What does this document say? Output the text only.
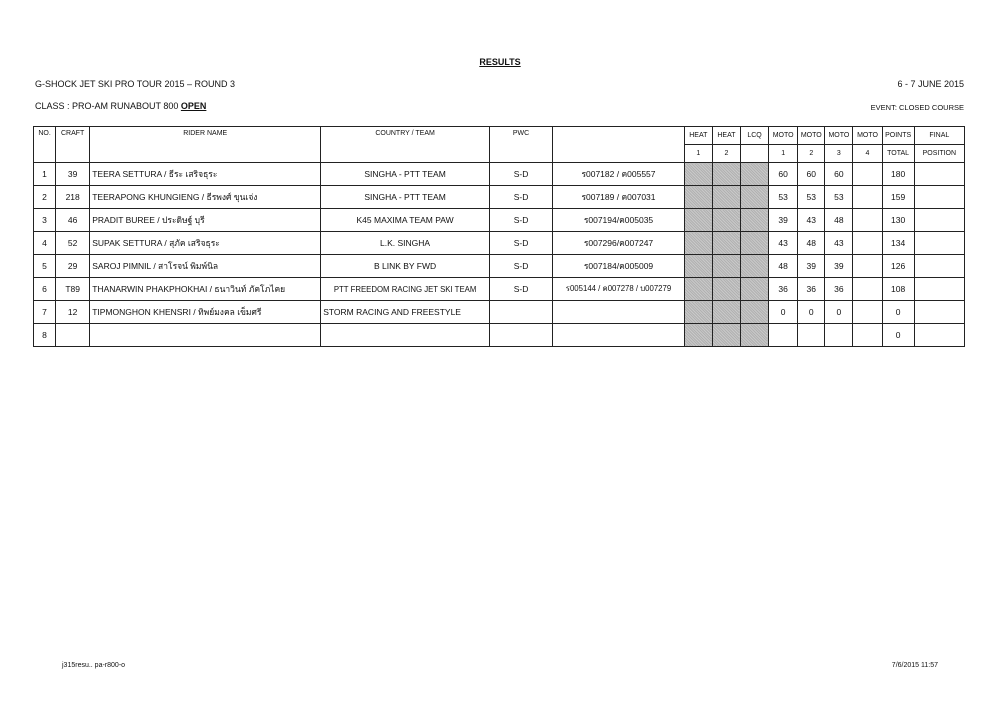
RESULTS
G-SHOCK JET SKI PRO TOUR 2015 – ROUND 3	6 - 7 JUNE 2015
CLASS : PRO-AM RUNABOUT 800 OPEN	EVENT: CLOSED COURSE
NO.	CRAFT	RIDER NAME	COUNTRY / TEAM	PWC		HEAT	HEAT	LCQ	MOTO	MOTO	MOTO	MOTO	POINTS	FINAL
						1	2		1	2	3	4	TOTAL	POSITION
1	39	TEERA SETTURA / ธีระ เสริจธุระ	SINGHA - PTT TEAM	S-D	ร007182 / ค005557				60	60	60		180	
2	218	TEERAPONG KHUNGIENG / ธีรพงศ์ ขุนเจ่ง	SINGHA - PTT TEAM	S-D	ร007189 / ค007031				53	53	53		159	
3	46	PRADIT BUREE / ประดิษฐ์ บุรี	K45 MAXIMA TEAM PAW	S-D	ร007194/ค005035				39	43	48		130	
4	52	SUPAK SETTURA / สุภัค เสริจธุระ	L.K. SINGHA	S-D	ร007296/ค007247				43	48	43		134	
5	29	SAROJ PIMNIL / สาโรจน์ พิมพ์นิล	B LINK BY FWD	S-D	ร007184/ค005009				48	39	39		126	
6	T89	THANARWIN PHAKPHOKHAI / ธนาวินท์ ภัคโภไคย	PTT FREEDOM RACING JET SKI TEAM	S-D	ร005144 / ค007278 / บ007279				36	36	36		108	
7	12	TIPMONGHON KHENSRI / ทิพย์มงคล เข็มศรี	STORM RACING AND FREESTYLE						0	0	0		0	
8													0	
j315resu.. pa-r800-o	7/6/2015 11:57
